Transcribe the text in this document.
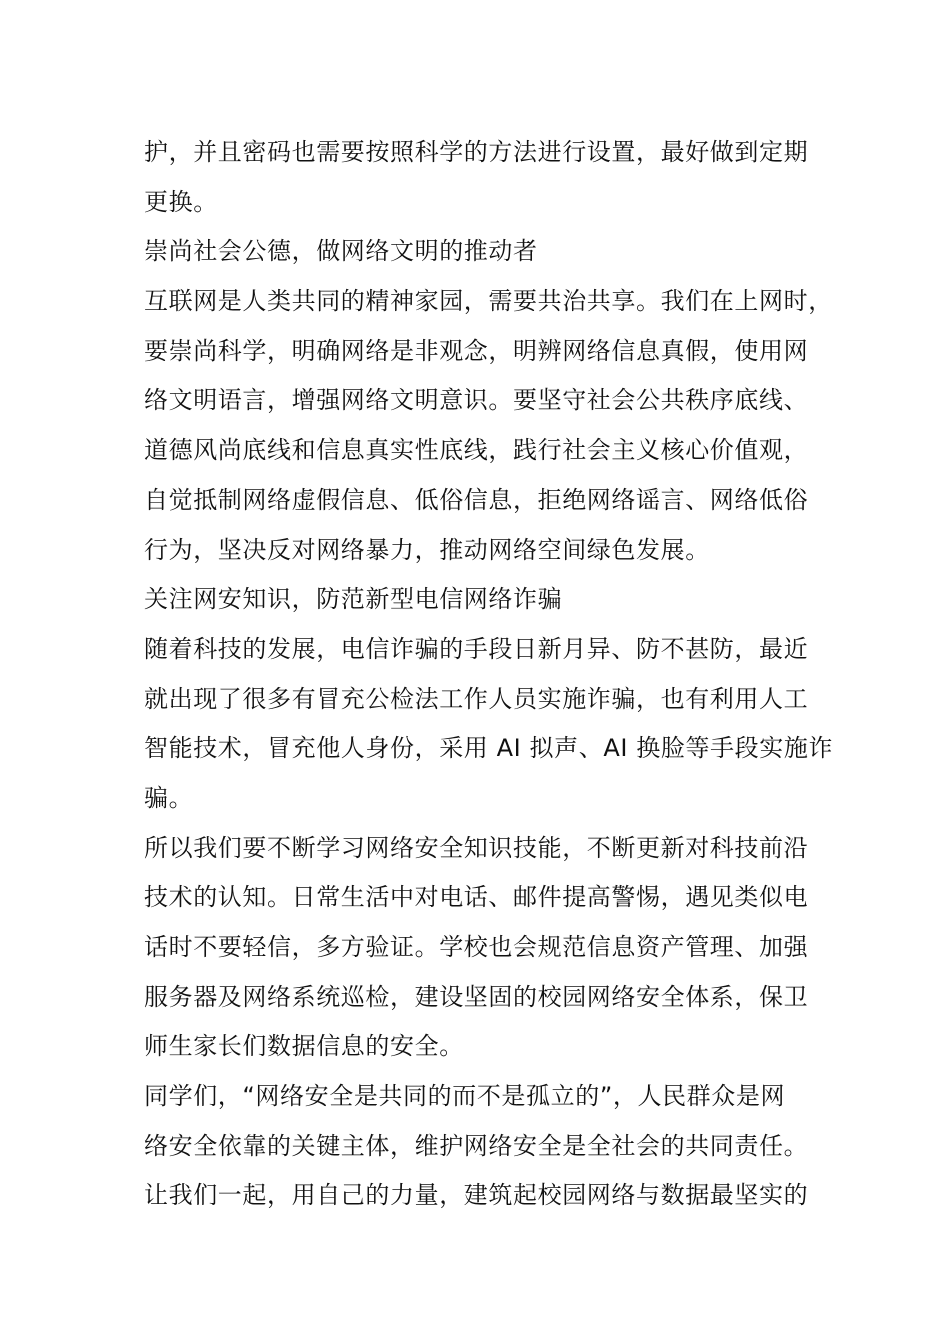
护，并且密码也需要按照科学的方法进行设置，最好做到定期
更换。
崇尚社会公德，做网络文明的推动者
互联网是人类共同的精神家园，需要共治共享。我们在上网时，
要崇尚科学，明确网络是非观念，明辨网络信息真假，使用网
络文明语言，增强网络文明意识。要坚守社会公共秩序底线、
道德风尚底线和信息真实性底线，践行社会主义核心价值观，
自觉抵制网络虚假信息、低俗信息，拒绝网络谣言、网络低俗
行为，坚决反对网络暴力，推动网络空间绿色发展。
关注网安知识，防范新型电信网络诈骗
随着科技的发展，电信诈骗的手段日新月异、防不甚防，最近
就出现了很多有冒充公检法工作人员实施诈骗，也有利用人工
智能技术，冒充他人身份，采用 AI 拟声、AI 换脸等手段实施诈
骗。
所以我们要不断学习网络安全知识技能，不断更新对科技前沿
技术的认知。日常生活中对电话、邮件提高警惕，遇见类似电
话时不要轻信，多方验证。学校也会规范信息资产管理、加强
服务器及网络系统巡检，建设坚固的校园网络安全体系，保卫
师生家长们数据信息的安全。
同学们，“网络安全是共同的而不是孤立的”，人民群众是网
络安全依靠的关键主体，维护网络安全是全社会的共同责任。
让我们一起，用自己的力量，建筑起校园网络与数据最坚实的
